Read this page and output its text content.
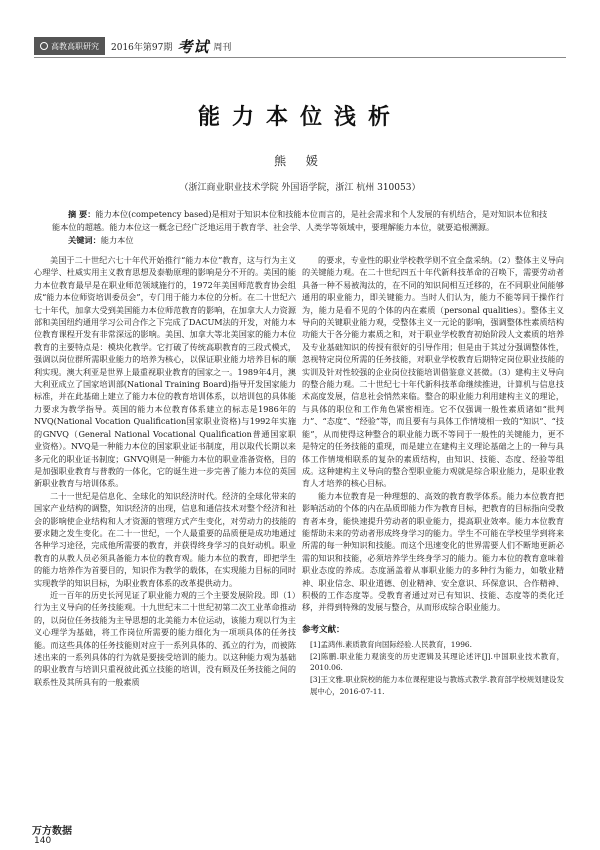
高教高职研究 2016年第97期 考试 周刊
能力本位浅析
熊 媛
（浙江商业职业技术学院 外国语学院，浙江 杭州 310053）
摘 要：能力本位(competency based)是相对于知识本位和技能本位而言的，是社会需求和个人发展的有机结合，是对知识本位和技能本位的超越。能力本位这一概念已经广泛地运用于教育学、社会学、人类学等领域中，要理解能力本位，就要追根溯源。
关键词：能力本位

美国于二十世纪六七十年代开始推行“能力本位”教育，这与行为主义心理学、杜威实用主义教育思想及泰勒原理的影响是分不开的。美国的能力本位教育最早是在职业师范领域施行的，1972年美国师范教育协会组成“能力本位师资培训委员会”，专门用于能力本位的分析。在二十世纪六七十年代，加拿大受到美国能力本位师范教育的影响，在加拿大人力资源部和美国纽约通用学习公司合作之下完成了DACUM法的开发，对能力本位教育课程开发有非常深远的影响。美国、加拿大等北美国家的能力本位教育的主要特点是：模块化教学。它打破了传统高职教育的三段式模式，强调以岗位群所需职业能力的培养为核心，以保证职业能力培养目标的顺利实现。澳大利亚是世界上最重视职业教育的国家之一。1989年4月，澳大利亚成立了国家培训部(National Training Board)指导开发国家能力标准，并在此基础上建立了能力本位的教育培训体系，以培训包的具体能力要求为教学指导。英国的能力本位教育体系建立的标志是1986年的NVQ(National Vocation Qualification国家职业资格)与1992年实施的GNVQ（General National Vocational Qualification普通国家职业资格）。NVQ是一种能力本位的国家职业证书制度，用以取代长期以来多元化的职业证书制度；GNVQ则是一种能力本位的职业准备资格，目的是加强职业教育与普教的一体化，它的诞生进一步完善了能力本位的英国新职业教育与培训体系。

二十一世纪是信息化、全球化的知识经济时代。经济的全球化带来的国家产业结构的调整，知识经济的出现，信息和通信技术对整个经济和社会的影响使企业结构和人才资源的管理方式产生变化，对劳动力的技能的要求随之发生变化。在二十一世纪，一个人最重要的品质便是成功地通过各种学习途径，完成他所需要的教育，并获得终身学习的良好动机。职业教育的从教人员必须具备能力本位的教育观。能力本位的教育，即把学生的能力培养作为首要目的，知识作为教学的载体，在实现能力目标的同时实现教学的知识目标，为职业教育体系的改革提供动力。

近一百年的历史长河见证了职业能力观的三个主要发展阶段。即（1）行为主义导向的任务技能观。十九世纪末二十世纪初第二次工业革命推动的，以岗位任务技能为主导思想的北美能力本位运动，该能力观以行为主义心理学为基础，将工作岗位所需要的能力细化为一项项具体的任务技能。而这些具体的任务技能则对应于一系列具体的、孤立的行为，而被陈述出来的一系列具体的行为就是要接受培训的能力。以这种能力观为基础的职业教育与培训只重视彼此孤立技能的培训，没有顾及任务技能之间的联系性及其所具有的一般素质

的要求，专业性的职业学校教学则不宜全盘采纳。（2）整体主义导向的关键能力观。在二十世纪四五十年代新科技革命的召唤下，需要劳动者具备一种不易被淘汰的，在不同的知识间相互迁移的，在不同职业间能够通用的职业能力，即关键能力。当时人们认为，能力不能等同于操作行为，能力是看不见的个体的内在素质（personal qualities）。整体主义导向的关键职业能力观，受整体主义一元论的影响，强调整体性素质结构功能大于各分能力素质之和，对于职业学校教育初始阶段人文素质的培养及专业基础知识的传授有很好的引导作用；但是由于其过分强调整体性，忽视特定岗位所需的任务技能，对职业学校教育后期特定岗位职业技能的实训及针对性较强的企业岗位技能培训借鉴意义甚微。（3）建构主义导向的整合能力观。二十世纪七十年代新科技革命继续推进，计算机与信息技术高度发展，信息社会悄然来临。整合的职业能力利用建构主义的理论，与具体的职位和工作角色紧密相连。它不仅强调一般性素质诸如“批判力”、“态度”、“经验”等，而且要有与具体工作情境相一致的“知识”、“技能”，从而使得这种整合的职业能力既不等同于一般性的关键能力，更不是特定的任务技能的重现，而是建立在建构主义理论基础之上的一种与具体工作情境相联系的复杂的素质结构，由知识、技能、态度、经验等组成。这种建构主义导向的整合型职业能力观就是综合职业能力，是职业教育人才培养的核心目标。

能力本位教育是一种理想的、高效的教育教学体系。能力本位教育把影响活动的个体的内在品质即能力作为教育目标，把教育的目标指向受教育者本身，能快速提升劳动者的职业能力，提高职业效率。能力本位教育能帮助未来的劳动者形成终身学习的能力。学生不可能在学校里学到将来所需的每一种知识和技能。而这个迅速变化的世界需要人们不断地更新必需的知识和技能，必须培养学生终身学习的能力。能力本位的教育意味着职业态度的养成。态度涵盖着从事职业能力的多种行为能力，如敬业精神、职业信念、职业道德、创业精神、安全意识、环保意识、合作精神、积极的工作态度等。受教育者通过对已有知识、技能、态度等的类化迁移，并得到特殊的发展与整合，从而形成综合职业能力。

参考文献：
[1]孟鸿伟.素质教育向国际经验.人民教育，1996.
[2]陈鹏.职业能力观演变的历史逻辑及其理论述评[J].中国职业技术教育，2010.06.
[3]王文雅.职业院校的能力本位课程建设与教练式教学.教育部学校规划建设发展中心，2016-07-11.
万方数据
140
